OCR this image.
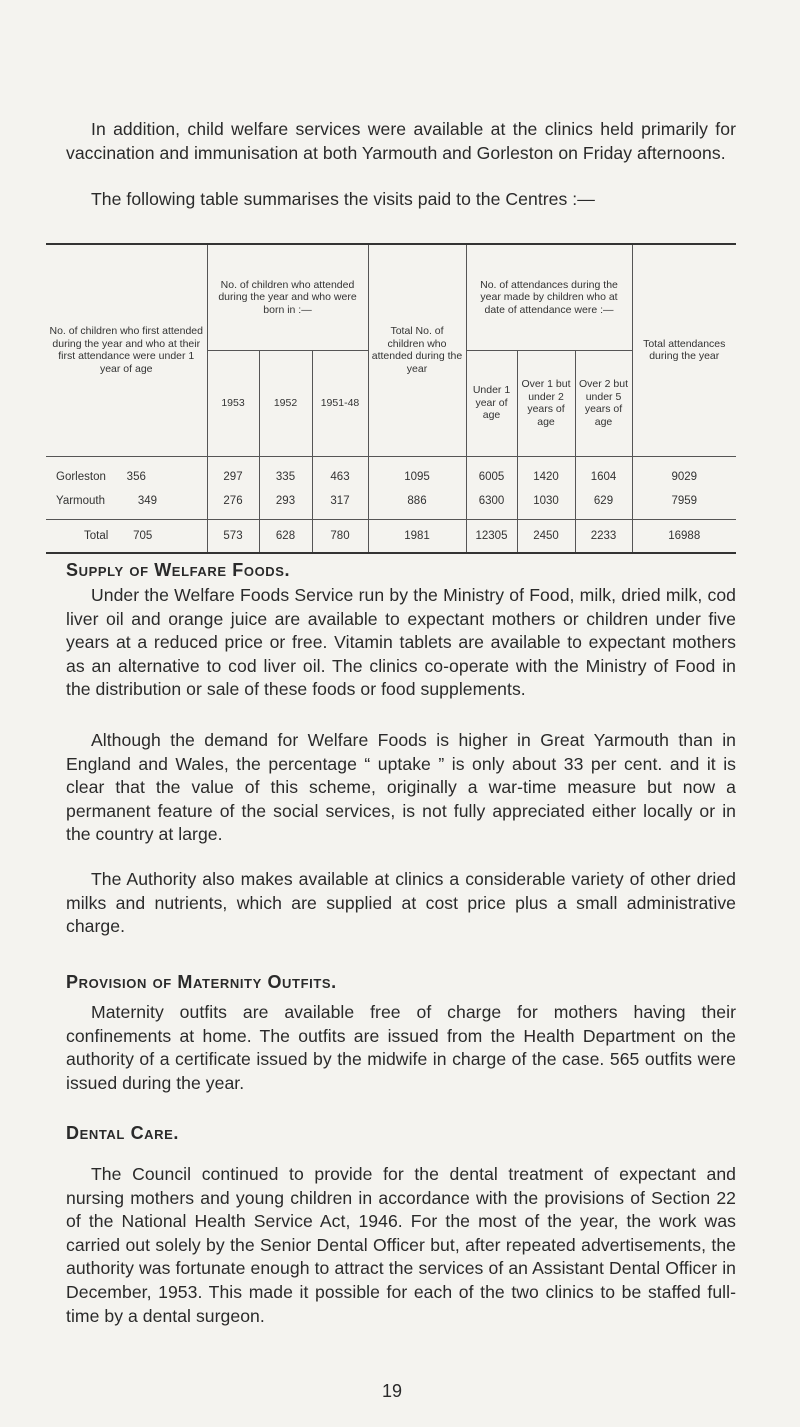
In addition, child welfare services were available at the clinics held primarily for vaccination and immunisation at both Yarmouth and Gorleston on Friday afternoons.

The following table summarises the visits paid to the Centres :—

No. of children who first attended during the year and who at their first attendance were under 1 year of age	No. of children who attended during the year and who were born in :—			Total No. of children who attended during the year	No. of attendances during the year made by children who at date of attendance were :—			Total attendances during the year
	1953	1952	1951-48		Under 1 year of age	Over 1 but under 2 years of age	Over 2 but under 5 years of age	
Gorleston 356	297	335	463	1095	6005	1420	1604	9029
Yarmouth 349	276	293	317	886	6300	1030	629	7959
Total 705	573	628	780	1981	12305	2450	2233	16988
Supply of Welfare Foods.

Under the Welfare Foods Service run by the Ministry of Food, milk, dried milk, cod liver oil and orange juice are available to expectant mothers or children under five years at a reduced price or free. Vitamin tablets are available to expectant mothers as an alternative to cod liver oil. The clinics co-operate with the Ministry of Food in the distribution or sale of these foods or food supplements.

Although the demand for Welfare Foods is higher in Great Yarmouth than in England and Wales, the percentage “ uptake ” is only about 33 per cent. and it is clear that the value of this scheme, originally a war-time measure but now a permanent feature of the social services, is not fully appreciated either locally or in the country at large.

The Authority also makes available at clinics a considerable variety of other dried milks and nutrients, which are supplied at cost price plus a small administrative charge.

Provision of Maternity Outfits.

Maternity outfits are available free of charge for mothers having their confinements at home. The outfits are issued from the Health Department on the authority of a certificate issued by the midwife in charge of the case. 565 outfits were issued during the year.

Dental Care.

The Council continued to provide for the dental treatment of expectant and nursing mothers and young children in accordance with the provisions of Section 22 of the National Health Service Act, 1946. For the most of the year, the work was carried out solely by the Senior Dental Officer but, after repeated advertisements, the authority was fortunate enough to attract the services of an Assistant Dental Officer in December, 1953. This made it possible for each of the two clinics to be staffed full-time by a dental surgeon.

19
